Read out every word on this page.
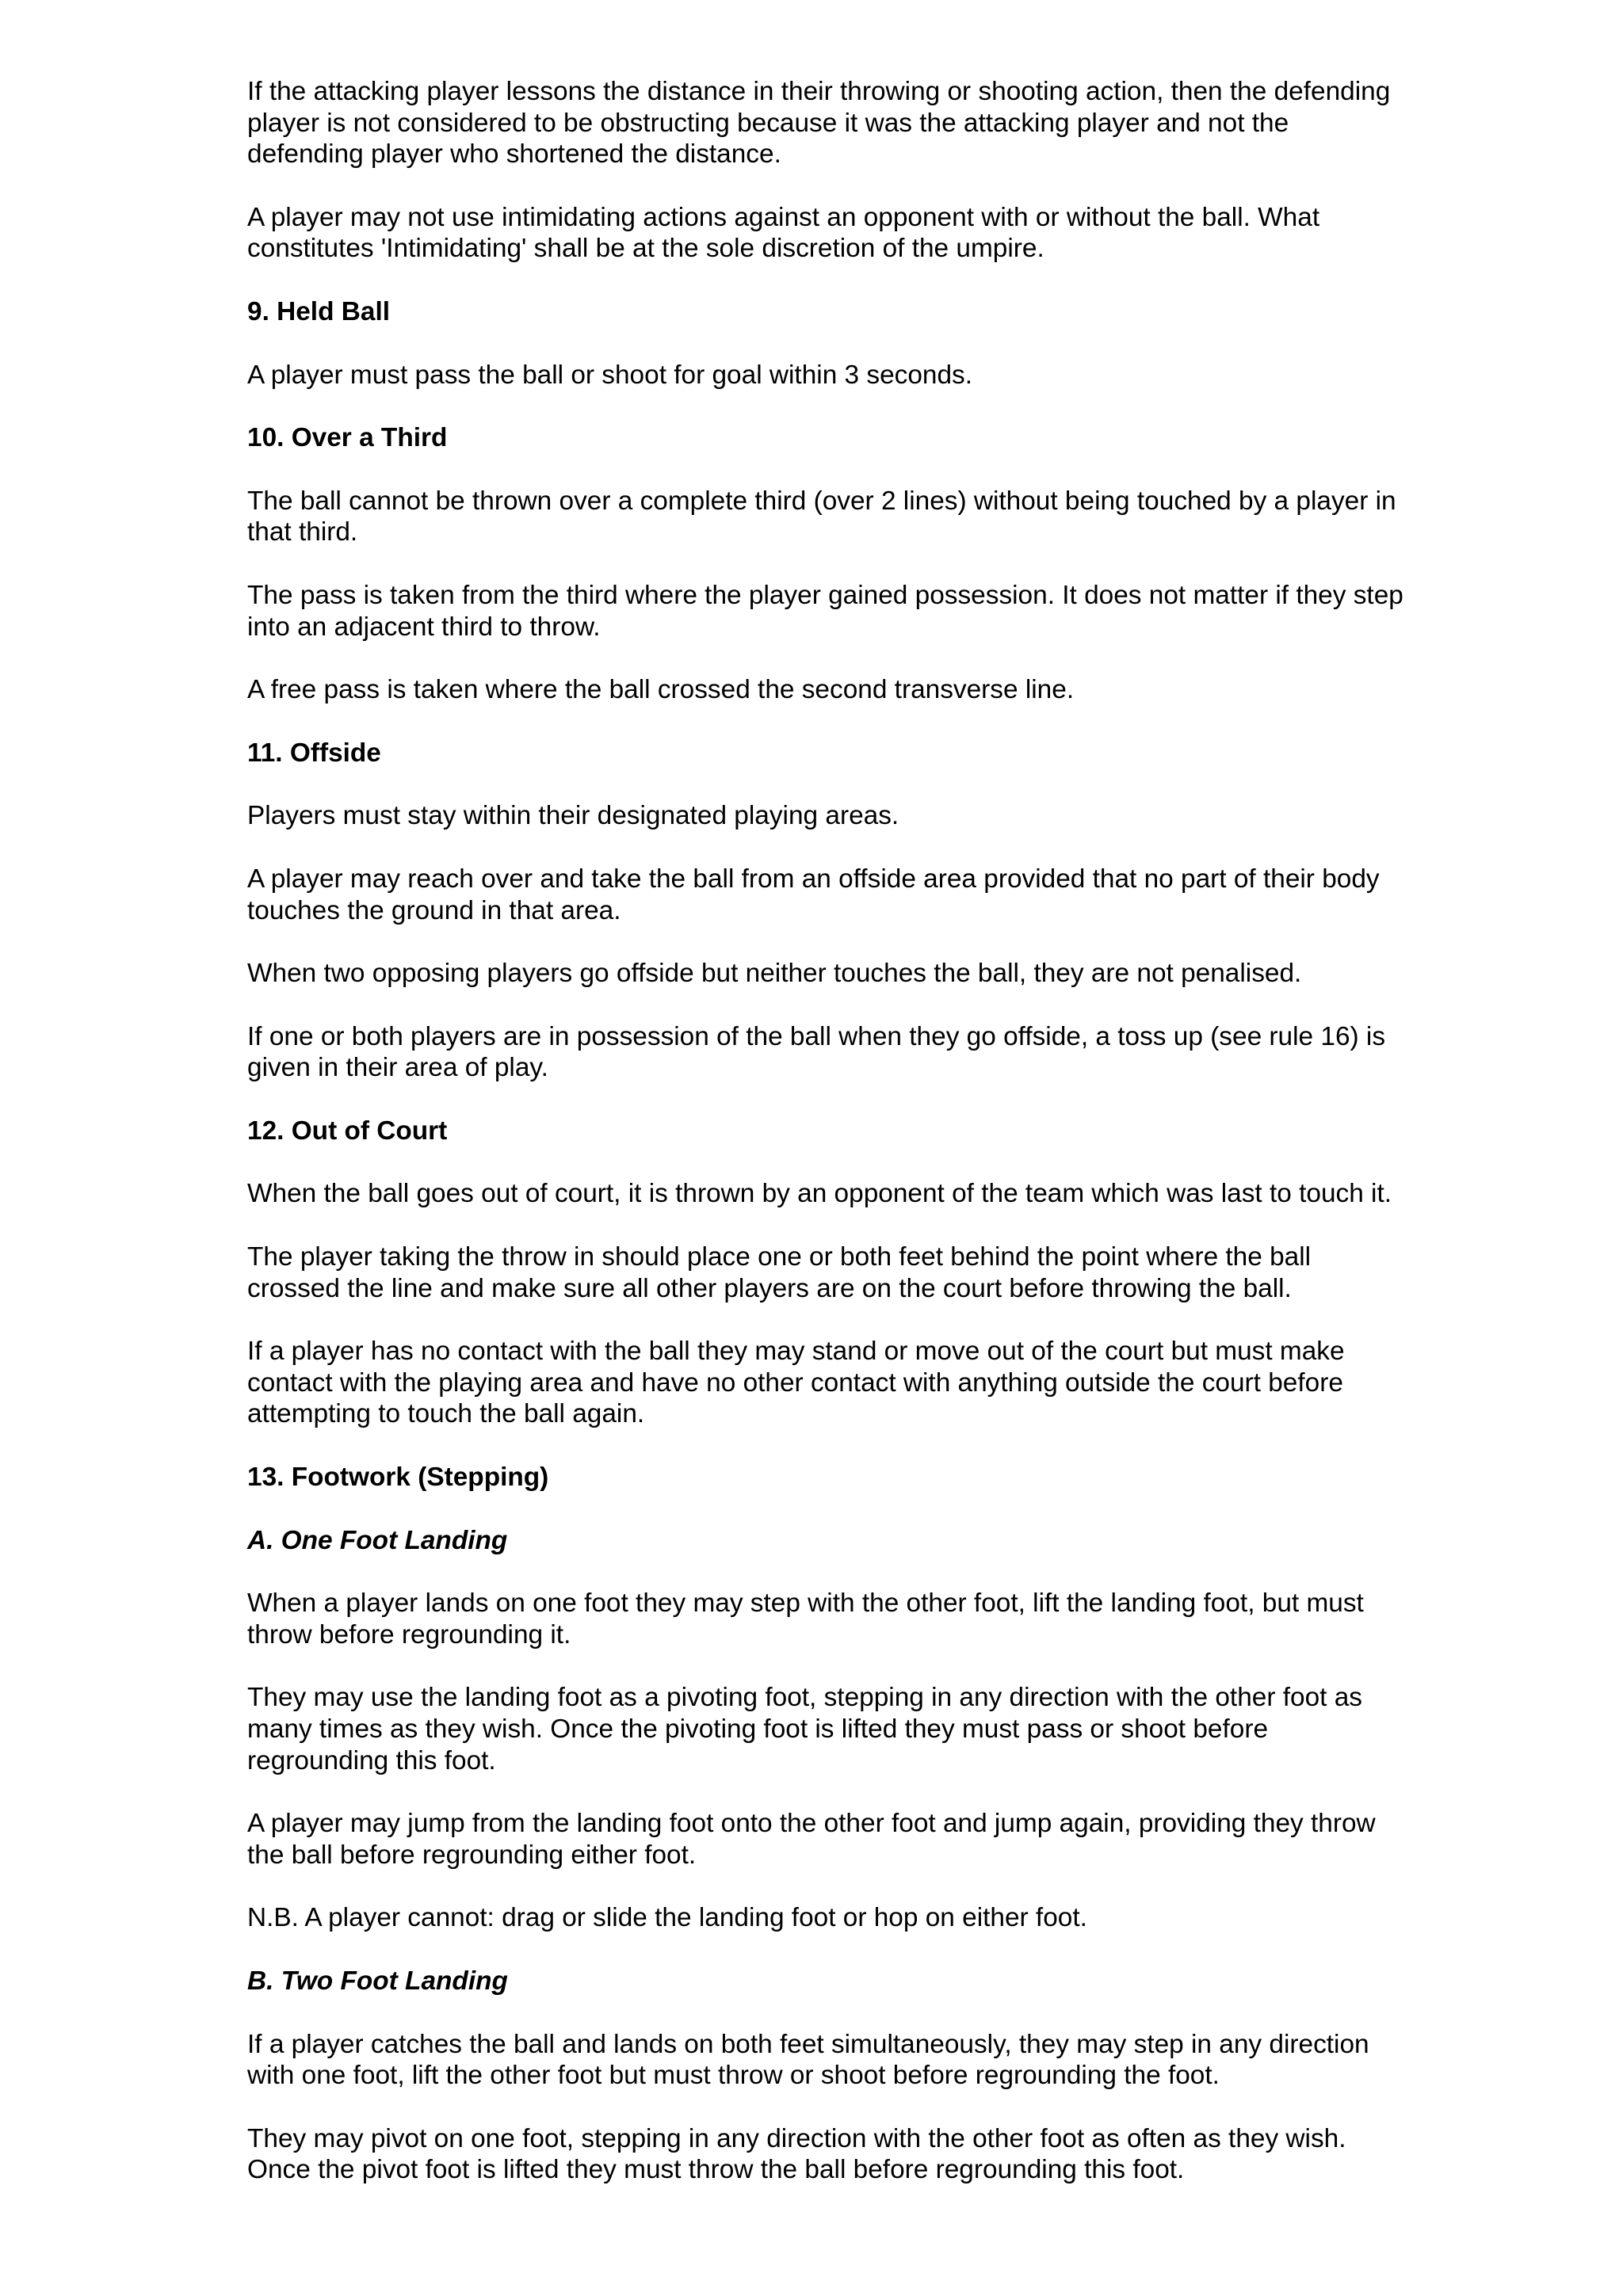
If the attacking player lessons the distance in their throwing or shooting action, then the defending player is not considered to be obstructing because it was the attacking player and not the defending player who shortened the distance.

A player may not use intimidating actions against an opponent with or without the ball. What constitutes 'Intimidating' shall be at the sole discretion of the umpire.

9. Held Ball

A player must pass the ball or shoot for goal within 3 seconds.

10. Over a Third

The ball cannot be thrown over a complete third (over 2 lines) without being touched by a player in that third.

The pass is taken from the third where the player gained possession. It does not matter if they step into an adjacent third to throw.

A free pass is taken where the ball crossed the second transverse line.

11. Offside

Players must stay within their designated playing areas.

A player may reach over and take the ball from an offside area provided that no part of their body touches the ground in that area.

When two opposing players go offside but neither touches the ball, they are not penalised.

If one or both players are in possession of the ball when they go offside, a toss up (see rule 16) is given in their area of play.

12. Out of Court

When the ball goes out of court, it is thrown by an opponent of the team which was last to touch it.

The player taking the throw in should place one or both feet behind the point where the ball crossed the line and make sure all other players are on the court before throwing the ball.

If a player has no contact with the ball they may stand or move out of the court but must make contact with the playing area and have no other contact with anything outside the court before attempting to touch the ball again.

13. Footwork (Stepping)
A. One Foot Landing

When a player lands on one foot they may step with the other foot, lift the landing foot, but must throw before regrounding it.

They may use the landing foot as a pivoting foot, stepping in any direction with the other foot as many times as they wish. Once the pivoting foot is lifted they must pass or shoot before regrounding this foot.

A player may jump from the landing foot onto the other foot and jump again, providing they throw the ball before regrounding either foot.

N.B. A player cannot: drag or slide the landing foot or hop on either foot.

B. Two Foot Landing

If a player catches the ball and lands on both feet simultaneously, they may step in any direction with one foot, lift the other foot but must throw or shoot before regrounding the foot.

They may pivot on one foot, stepping in any direction with the other foot as often as they wish. Once the pivot foot is lifted they must throw the ball before regrounding this foot.
